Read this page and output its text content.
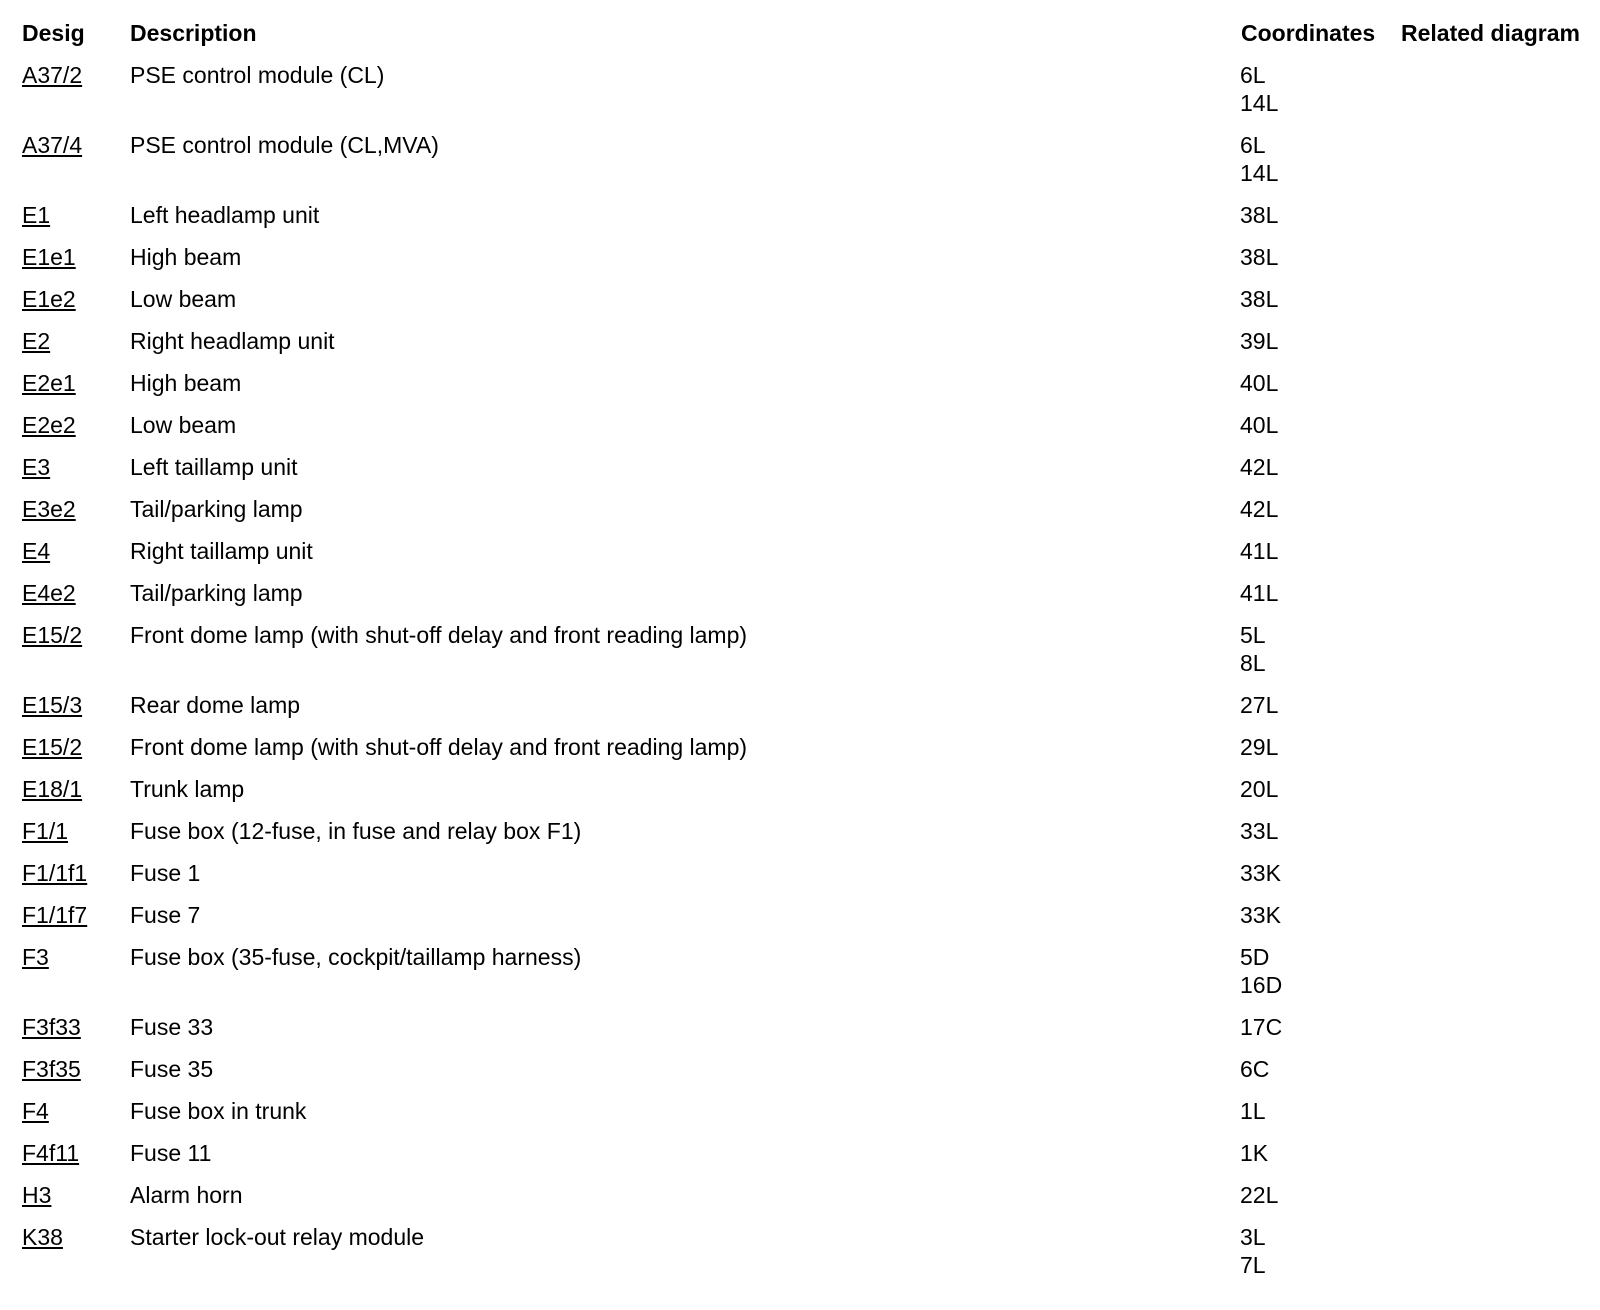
Desig Description	Coordinates Related diagram
A37/2 PSE control module (CL)	6L
14L
A37/4 PSE control module (CL,MVA)	6L
14L
E1	Left headlamp unit	38L
E1e1 High beam	38L
E1e2 Low beam	38L
E2	Right headlamp unit	39L
E2e1 High beam	40L
E2e2 Low beam	40L
E3	Left taillamp unit	42L
E3e2 Tail/parking lamp	42L
E4	Right taillamp unit	41L
E4e2 Tail/parking lamp	41L
E15/2 Front dome lamp (with shut-off delay and front reading lamp)	5L
8L
E15/3 Rear dome lamp	27L
E15/2 Front dome lamp (with shut-off delay and front reading lamp)	29L
E18/1 Trunk lamp	20L
F1/1	Fuse box (12-fuse, in fuse and relay box F1)	33L
F1/1f1 Fuse 1	33K
F1/1f7 Fuse 7	33K
F3	Fuse box (35-fuse, cockpit/taillamp harness)	5D
16D
F3f33 Fuse 33	17C
F3f35 Fuse 35	6C
F4	Fuse box in trunk	1L
F4f11 Fuse 11	1K
H3	Alarm horn	22L
K38	Starter lock-out relay module	3L
7L
